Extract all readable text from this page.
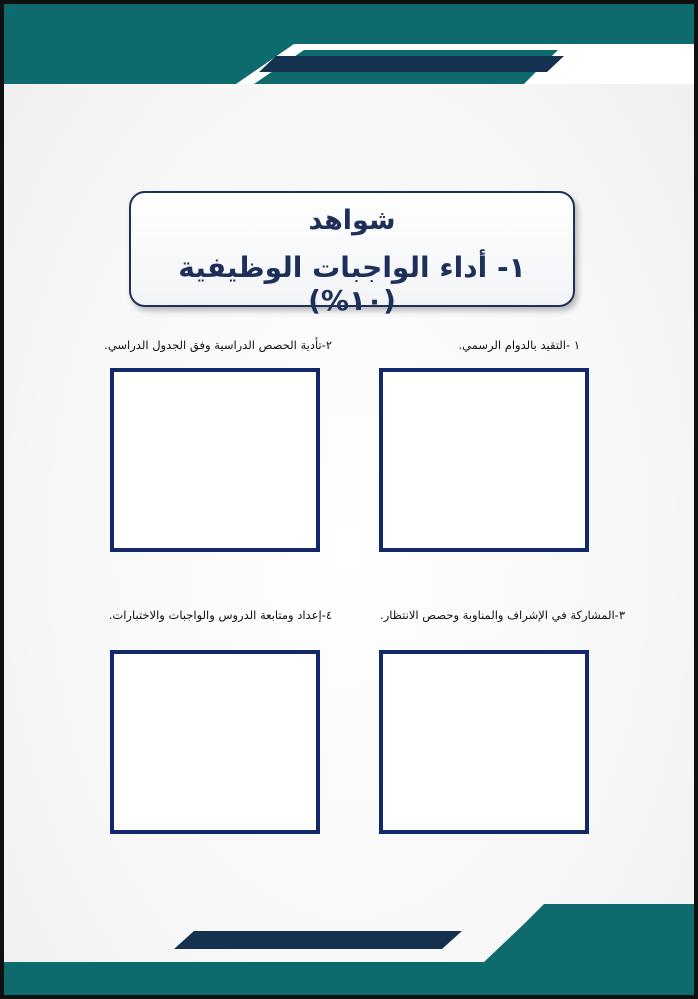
شواهد
١- أداء الواجبات الوظيفية (١٠%)
١ -التقيد بالدوام الرسمي.
٢-تأدية الحصص الدراسية وفق الجدول الدراسي.
٣-المشاركة في الإشراف والمناوبة وحصص الانتظار.
٤-إعداد ومتابعة الدروس والواجبات والاختبارات.
